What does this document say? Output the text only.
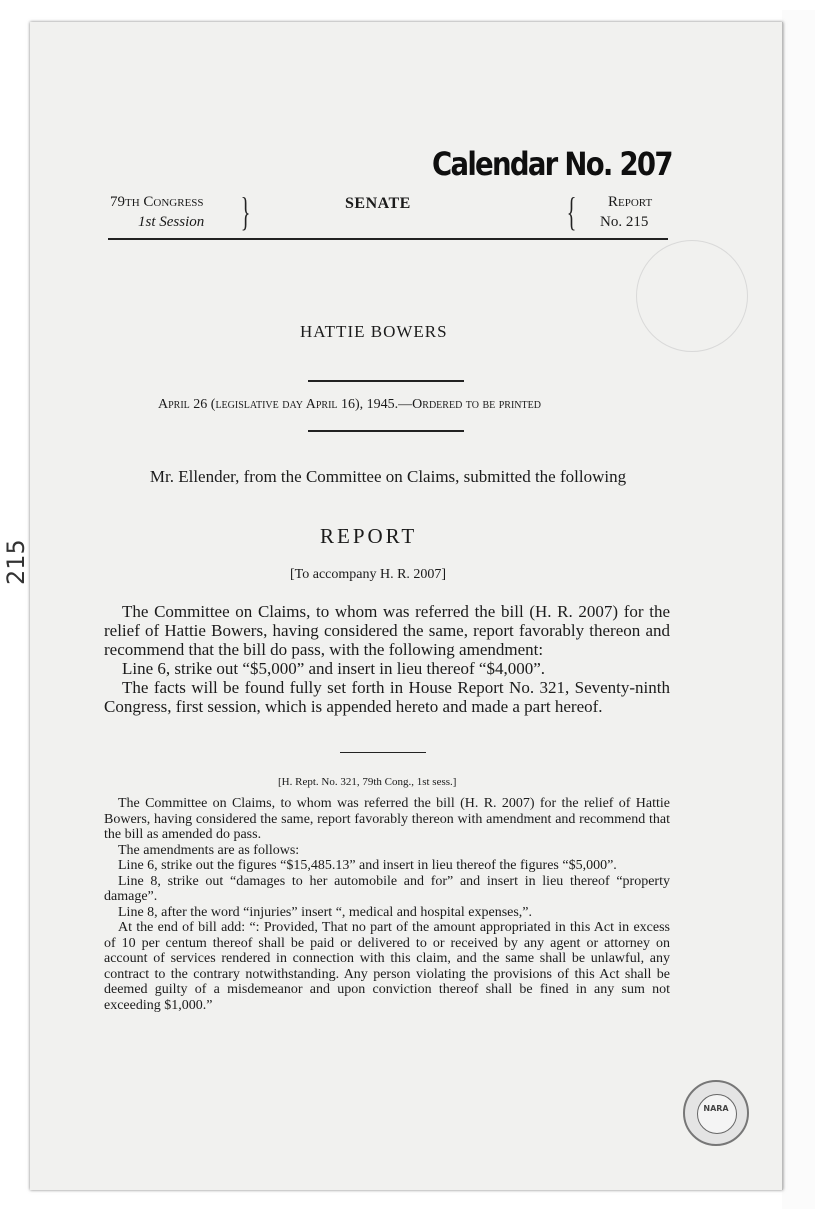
215
Calendar No. 207
79th Congress
1st Session }	SENATE	{	Report
No. 215
HATTIE BOWERS
April 26 (legislative day April 16), 1945.—Ordered to be printed
Mr. Ellender, from the Committee on Claims, submitted the following
REPORT
[To accompany H. R. 2007]

The Committee on Claims, to whom was referred the bill (H. R. 2007) for the relief of Hattie Bowers, having considered the same, report favorably thereon and recommend that the bill do pass, with the following amendment:

Line 6, strike out “$5,000” and insert in lieu thereof “$4,000”.

The facts will be found fully set forth in House Report No. 321, Seventy-ninth Congress, first session, which is appended hereto and made a part hereof.

[H. Rept. No. 321, 79th Cong., 1st sess.]

The Committee on Claims, to whom was referred the bill (H. R. 2007) for the relief of Hattie Bowers, having considered the same, report favorably thereon with amendment and recommend that the bill as amended do pass.

The amendments are as follows:

Line 6, strike out the figures “$15,485.13” and insert in lieu thereof the figures “$5,000”.

Line 8, strike out “damages to her automobile and for” and insert in lieu thereof “property damage”.

Line 8, after the word “injuries” insert “, medical and hospital expenses,”.

At the end of bill add: “: Provided, That no part of the amount appropriated in this Act in excess of 10 per centum thereof shall be paid or delivered to or received by any agent or attorney on account of services rendered in connection with this claim, and the same shall be unlawful, any contract to the contrary notwithstanding. Any person violating the provisions of this Act shall be deemed guilty of a misdemeanor and upon conviction thereof shall be fined in any sum not exceeding $1,000.”

NARA
